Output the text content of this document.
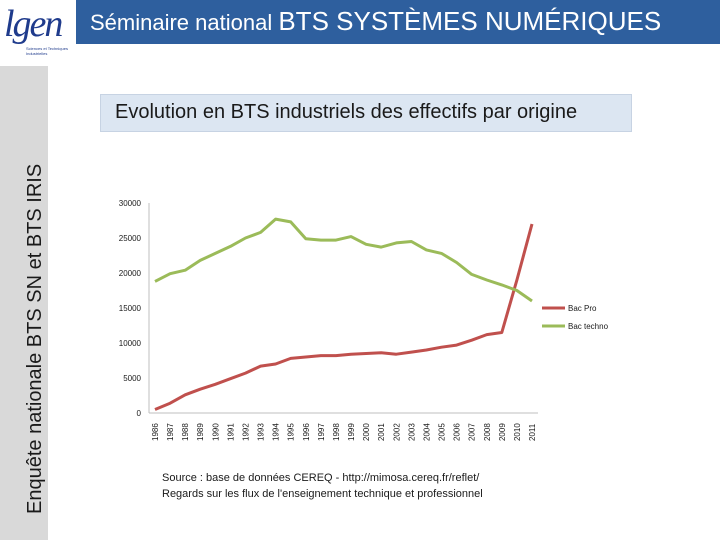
lgen
Sciences et Techniques Industrielles
Séminaire national BTS SYSTÈMES NUMÉRIQUES
Enquête nationale BTS SN et BTS IRIS
Evolution en BTS industriels des effectifs par origine
0
5000
10000
15000
20000
25000
30000
1986 1987 1988 1989 1990 1991 1992 1993 1994 1995 1996 1997 1998 1999 2000 2001 2002 2003 2004 2005 2006 2007 2008 2009 2010 2011
Bac Pro
Bac techno
Source : base de données CEREQ - http://mimosa.cereq.fr/reflet/
Regards sur les flux de l'enseignement technique et professionnel
